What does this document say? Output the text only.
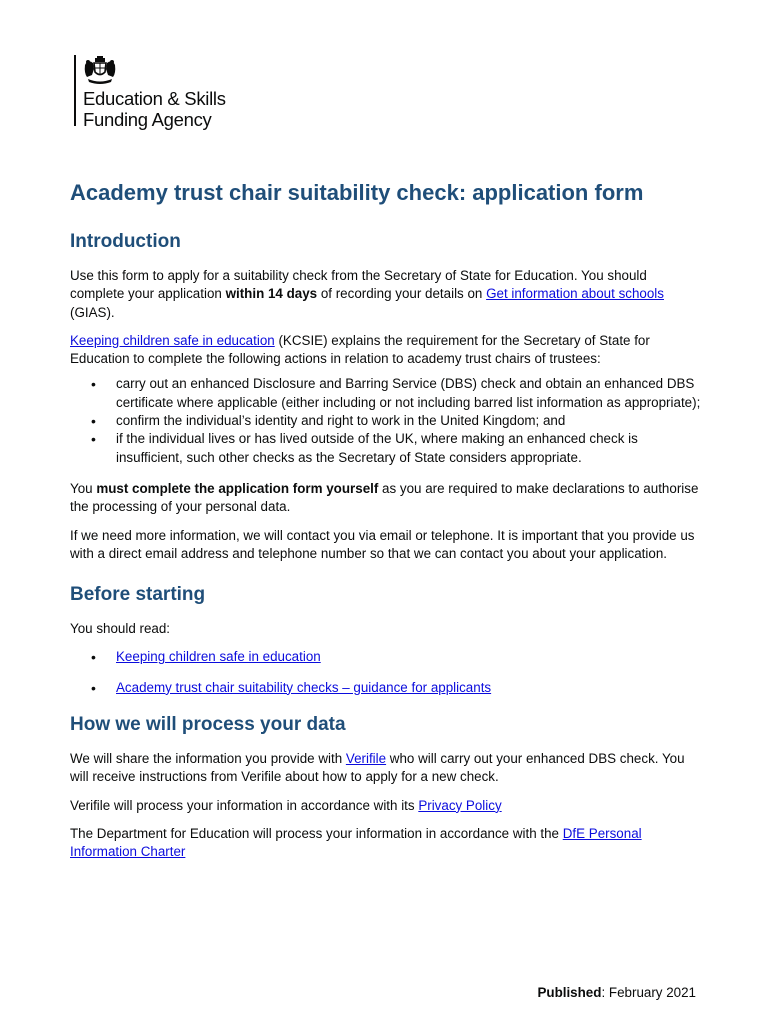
Education & Skills
Funding Agency
Academy trust chair suitability check: application form
Introduction

Use this form to apply for a suitability check from the Secretary of State for Education. You should complete your application within 14 days of recording your details on Get information about schools (GIAS).

Keeping children safe in education (KCSIE) explains the requirement for the Secretary of State for Education to complete the following actions in relation to academy trust chairs of trustees:

• carry out an enhanced Disclosure and Barring Service (DBS) check and obtain an enhanced DBS certificate where applicable (either including or not including barred list information as appropriate);
• confirm the individual’s identity and right to work in the United Kingdom; and
• if the individual lives or has lived outside of the UK, where making an enhanced check is insufficient, such other checks as the Secretary of State considers appropriate.

You must complete the application form yourself as you are required to make declarations to authorise the processing of your personal data.

If we need more information, we will contact you via email or telephone. It is important that you provide us with a direct email address and telephone number so that we can contact you about your application.

Before starting

You should read:

• Keeping children safe in education
• Academy trust chair suitability checks – guidance for applicants
How we will process your data

We will share the information you provide with Verifile who will carry out your enhanced DBS check. You will receive instructions from Verifile about how to apply for a new check.

Verifile will process your information in accordance with its Privacy Policy

The Department for Education will process your information in accordance with the DfE Personal Information Charter

Published: February 2021
